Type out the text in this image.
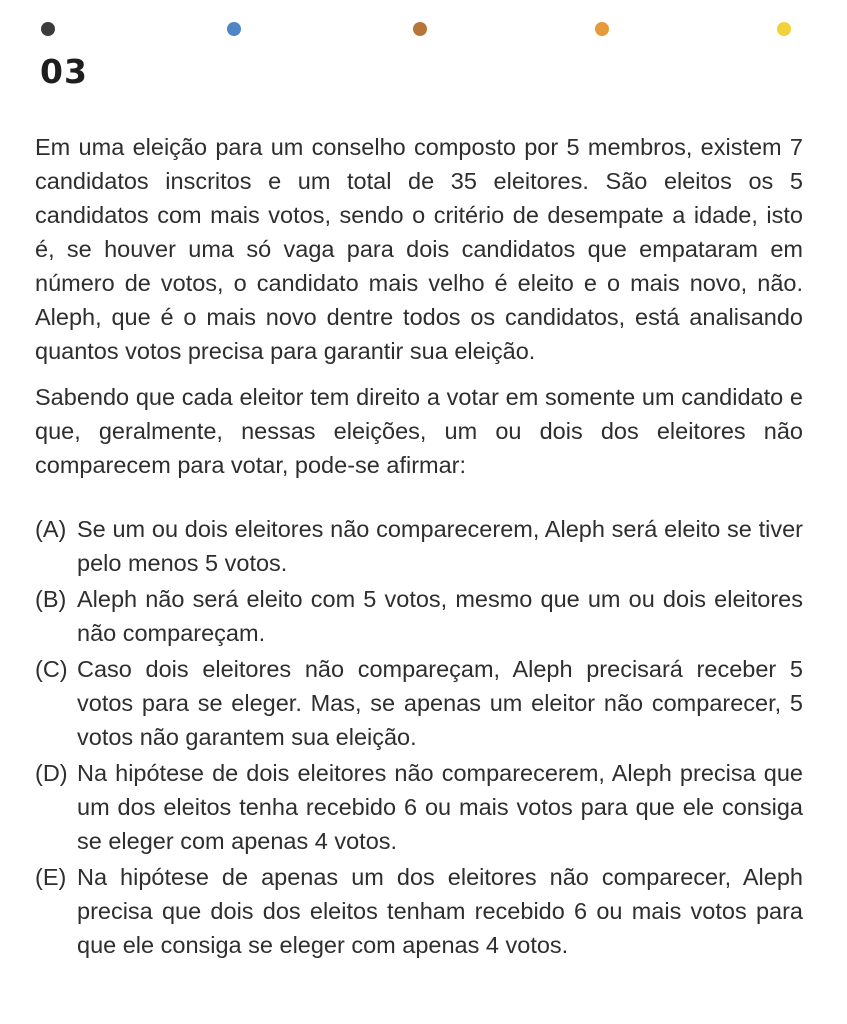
03

Em uma eleição para um conselho composto por 5 membros, existem 7 candidatos inscritos e um total de 35 eleitores. São eleitos os 5 candidatos com mais votos, sendo o critério de desempate a idade, isto é, se houver uma só vaga para dois candidatos que empataram em número de votos, o candidato mais velho é eleito e o mais novo, não. Aleph, que é o mais novo dentre todos os candidatos, está analisando quantos votos precisa para garantir sua eleição.

Sabendo que cada eleitor tem direito a votar em somente um candidato e que, geralmente, nessas eleições, um ou dois dos eleitores não comparecem para votar, pode-se afirmar:

(A) Se um ou dois eleitores não comparecerem, Aleph será eleito se tiver pelo menos 5 votos.
(B) Aleph não será eleito com 5 votos, mesmo que um ou dois eleitores não compareçam.
(C) Caso dois eleitores não compareçam, Aleph precisará receber 5 votos para se eleger. Mas, se apenas um eleitor não comparecer, 5 votos não garantem sua eleição.
(D) Na hipótese de dois eleitores não comparecerem, Aleph precisa que um dos eleitos tenha recebido 6 ou mais votos para que ele consiga se eleger com apenas 4 votos.
(E) Na hipótese de apenas um dos eleitores não comparecer, Aleph precisa que dois dos eleitos tenham recebido 6 ou mais votos para que ele consiga se eleger com apenas 4 votos.
